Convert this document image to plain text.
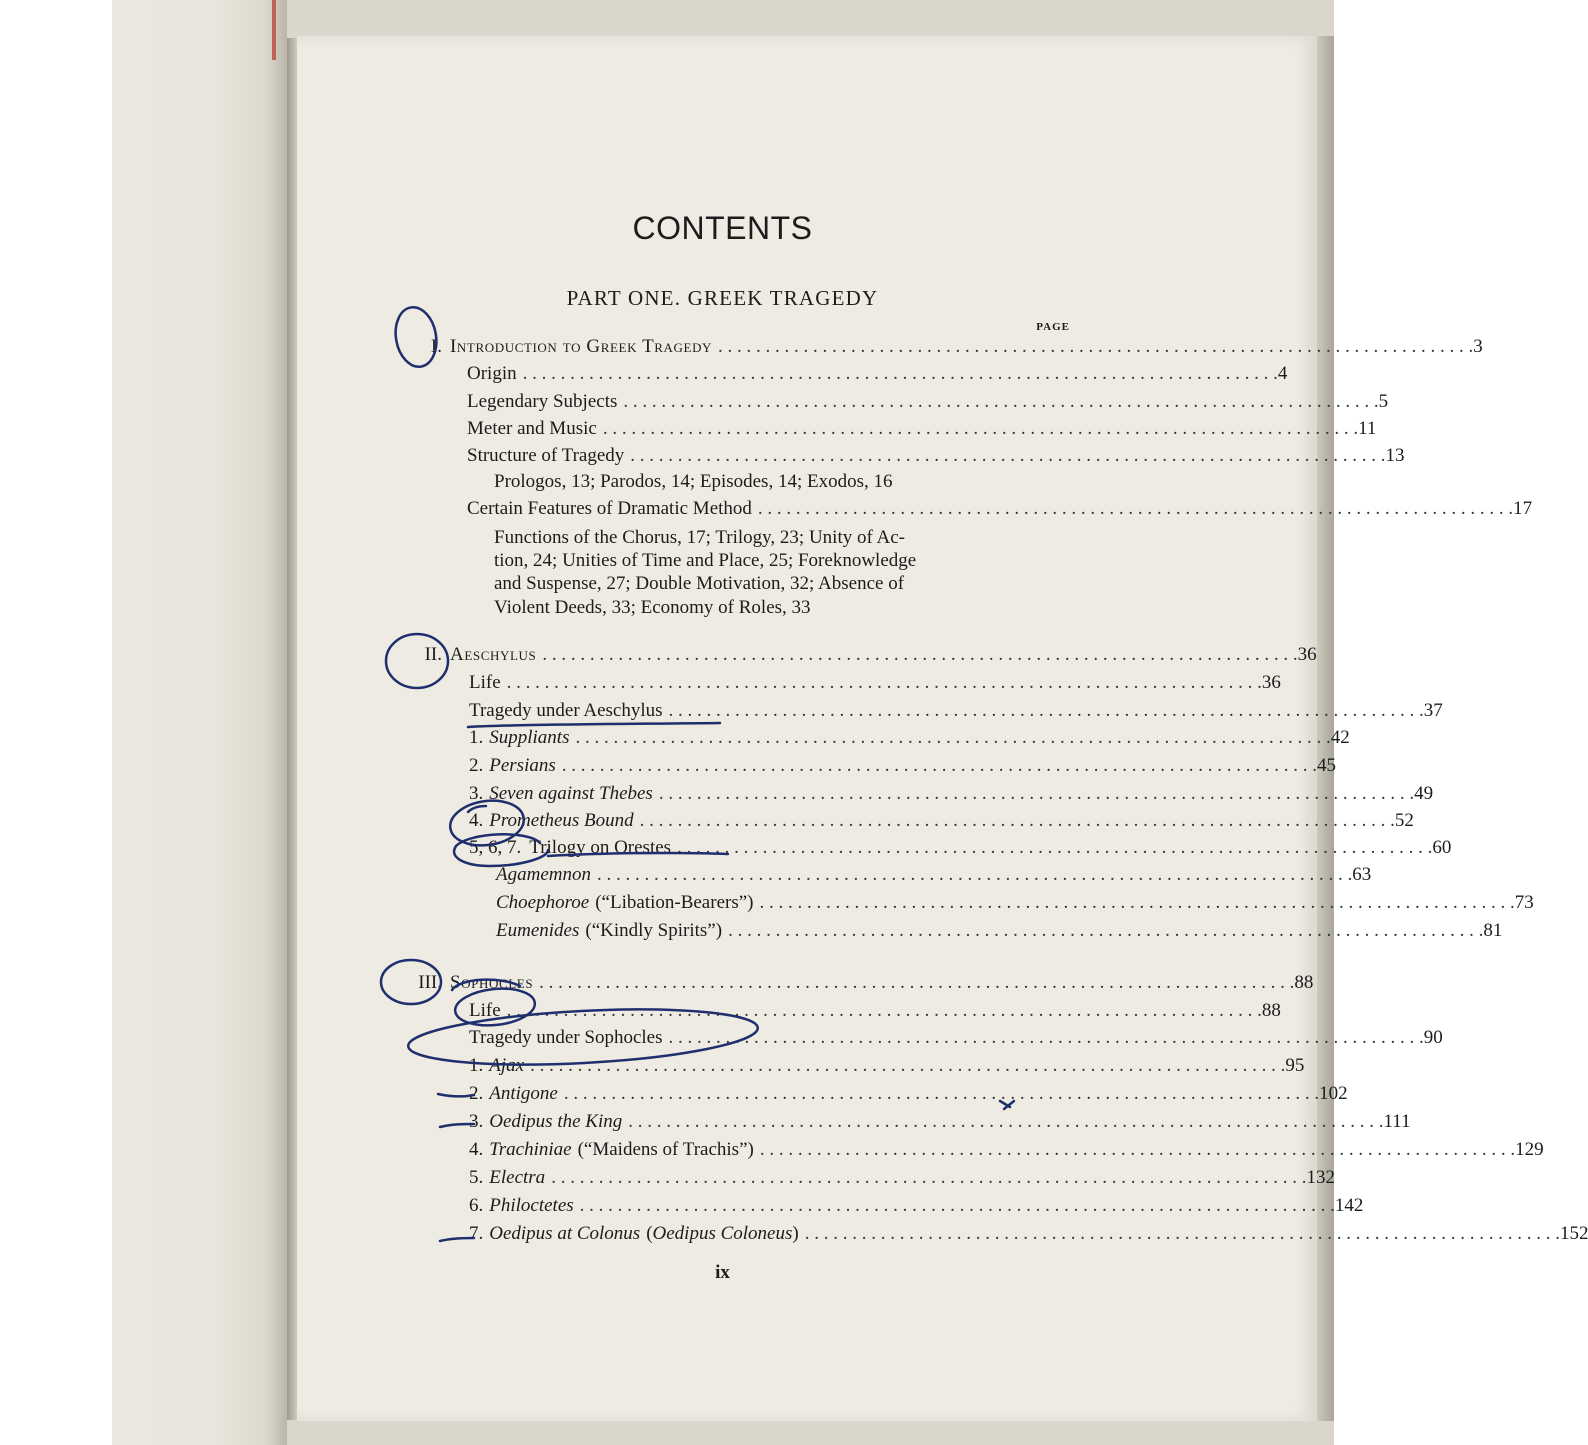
CONTENTS
PART ONE. GREEK TRAGEDY
PAGE
I. Introduction to Greek Tragedy . . . . . . . . . . . . . . . . . . . . . . . . . . . . . . . . . . . . . . . . . . . . . . . . . . . . . . . . . . . . . . . . . . . . . . . . . . . . . . . . 3
Origin . . . . . . . . . . . . . . . . . . . . . . . . . . . . . . . . . . . . . . . . . . . . . . . . . . . . . . . . . . . . . . . . . . . . . . . . . . . . . . . . 4
Legendary Subjects . . . . . . . . . . . . . . . . . . . . . . . . . . . . . . . . . . . . . . . . . . . . . . . . . . . . . . . . . . . . . . . . . . . . . . . . . . . . . . . . 5
Meter and Music . . . . . . . . . . . . . . . . . . . . . . . . . . . . . . . . . . . . . . . . . . . . . . . . . . . . . . . . . . . . . . . . . . . . . . . . . . . . . . . . 11
Structure of Tragedy . . . . . . . . . . . . . . . . . . . . . . . . . . . . . . . . . . . . . . . . . . . . . . . . . . . . . . . . . . . . . . . . . . . . . . . . . . . . . . . . 13
Prologos, 13; Parodos, 14; Episodes, 14; Exodos, 16
Certain Features of Dramatic Method . . . . . . . . . . . . . . . . . . . . . . . . . . . . . . . . . . . . . . . . . . . . . . . . . . . . . . . . . . . . . . . . . . . . . . . . . . . . . . . . 17
Functions of the Chorus, 17; Trilogy, 23; Unity of Ac-
tion, 24; Unities of Time and Place, 25; Foreknowledge
and Suspense, 27; Double Motivation, 32; Absence of
Violent Deeds, 33; Economy of Roles, 33
II. Aeschylus . . . . . . . . . . . . . . . . . . . . . . . . . . . . . . . . . . . . . . . . . . . . . . . . . . . . . . . . . . . . . . . . . . . . . . . . . . . . . . . . 36
Life . . . . . . . . . . . . . . . . . . . . . . . . . . . . . . . . . . . . . . . . . . . . . . . . . . . . . . . . . . . . . . . . . . . . . . . . . . . . . . . . 36
Tragedy under Aeschylus . . . . . . . . . . . . . . . . . . . . . . . . . . . . . . . . . . . . . . . . . . . . . . . . . . . . . . . . . . . . . . . . . . . . . . . . . . . . . . . . 37
1. Suppliants . . . . . . . . . . . . . . . . . . . . . . . . . . . . . . . . . . . . . . . . . . . . . . . . . . . . . . . . . . . . . . . . . . . . . . . . . . . . . . . . 42
2. Persians . . . . . . . . . . . . . . . . . . . . . . . . . . . . . . . . . . . . . . . . . . . . . . . . . . . . . . . . . . . . . . . . . . . . . . . . . . . . . . . . 45
3. Seven against Thebes . . . . . . . . . . . . . . . . . . . . . . . . . . . . . . . . . . . . . . . . . . . . . . . . . . . . . . . . . . . . . . . . . . . . . . . . . . . . . . . . 49
4. Prometheus Bound . . . . . . . . . . . . . . . . . . . . . . . . . . . . . . . . . . . . . . . . . . . . . . . . . . . . . . . . . . . . . . . . . . . . . . . . . . . . . . . . 52
5, 6, 7. Trilogy on Orestes . . . . . . . . . . . . . . . . . . . . . . . . . . . . . . . . . . . . . . . . . . . . . . . . . . . . . . . . . . . . . . . . . . . . . . . . . . . . . . . . 60
Agamemnon . . . . . . . . . . . . . . . . . . . . . . . . . . . . . . . . . . . . . . . . . . . . . . . . . . . . . . . . . . . . . . . . . . . . . . . . . . . . . . . . 63
Choephoroe (“Libation-Bearers”) . . . . . . . . . . . . . . . . . . . . . . . . . . . . . . . . . . . . . . . . . . . . . . . . . . . . . . . . . . . . . . . . . . . . . . . . . . . . . . . . 73
Eumenides (“Kindly Spirits”) . . . . . . . . . . . . . . . . . . . . . . . . . . . . . . . . . . . . . . . . . . . . . . . . . . . . . . . . . . . . . . . . . . . . . . . . . . . . . . . . 81
III. Sophocles . . . . . . . . . . . . . . . . . . . . . . . . . . . . . . . . . . . . . . . . . . . . . . . . . . . . . . . . . . . . . . . . . . . . . . . . . . . . . . . . 88
Life . . . . . . . . . . . . . . . . . . . . . . . . . . . . . . . . . . . . . . . . . . . . . . . . . . . . . . . . . . . . . . . . . . . . . . . . . . . . . . . . 88
Tragedy under Sophocles . . . . . . . . . . . . . . . . . . . . . . . . . . . . . . . . . . . . . . . . . . . . . . . . . . . . . . . . . . . . . . . . . . . . . . . . . . . . . . . . 90
1. Ajax . . . . . . . . . . . . . . . . . . . . . . . . . . . . . . . . . . . . . . . . . . . . . . . . . . . . . . . . . . . . . . . . . . . . . . . . . . . . . . . . 95
2. Antigone . . . . . . . . . . . . . . . . . . . . . . . . . . . . . . . . . . . . . . . . . . . . . . . . . . . . . . . . . . . . . . . . . . . . . . . . . . . . . . . . 102
3. Oedipus the King . . . . . . . . . . . . . . . . . . . . . . . . . . . . . . . . . . . . . . . . . . . . . . . . . . . . . . . . . . . . . . . . . . . . . . . . . . . . . . . . 111
4. Trachiniae (“Maidens of Trachis”) . . . . . . . . . . . . . . . . . . . . . . . . . . . . . . . . . . . . . . . . . . . . . . . . . . . . . . . . . . . . . . . . . . . . . . . . . . . . . . . . 129
5. Electra . . . . . . . . . . . . . . . . . . . . . . . . . . . . . . . . . . . . . . . . . . . . . . . . . . . . . . . . . . . . . . . . . . . . . . . . . . . . . . . . 132
6. Philoctetes . . . . . . . . . . . . . . . . . . . . . . . . . . . . . . . . . . . . . . . . . . . . . . . . . . . . . . . . . . . . . . . . . . . . . . . . . . . . . . . . 142
7. Oedipus at Colonus (Oedipus Coloneus) . . . . . . . . . . . . . . . . . . . . . . . . . . . . . . . . . . . . . . . . . . . . . . . . . . . . . . . . . . . . . . . . . . . . . . . . . . . . . . . . 152
ix
